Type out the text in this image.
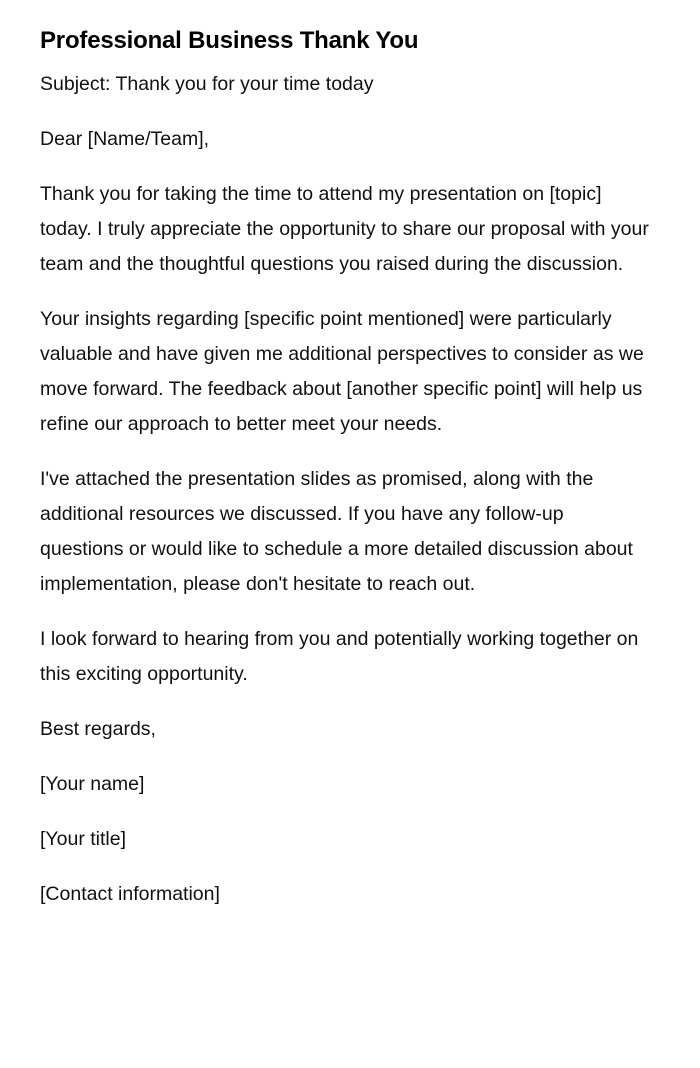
Professional Business Thank You

Subject: Thank you for your time today

Dear [Name/Team],

Thank you for taking the time to attend my presentation on [topic] today. I truly appreciate the opportunity to share our proposal with your team and the thoughtful questions you raised during the discussion.

Your insights regarding [specific point mentioned] were particularly valuable and have given me additional perspectives to consider as we move forward. The feedback about [another specific point] will help us refine our approach to better meet your needs.

I've attached the presentation slides as promised, along with the additional resources we discussed. If you have any follow-up questions or would like to schedule a more detailed discussion about implementation, please don't hesitate to reach out.

I look forward to hearing from you and potentially working together on this exciting opportunity.

Best regards,

[Your name]

[Your title]

[Contact information]
